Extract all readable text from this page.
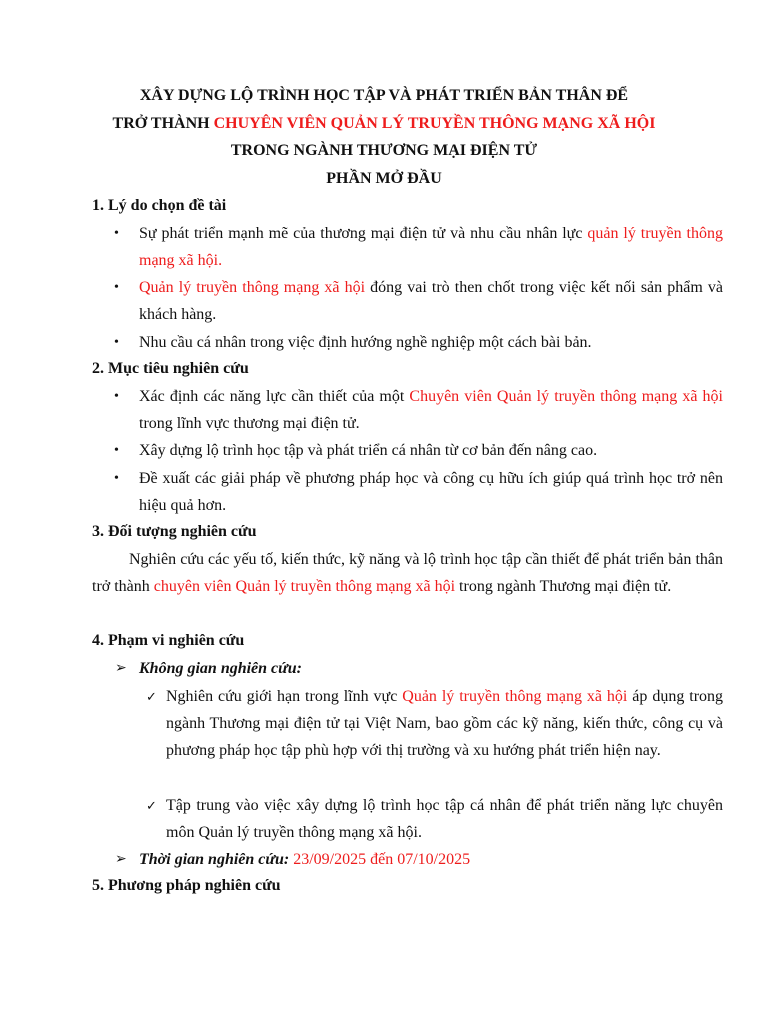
XÂY DỰNG LỘ TRÌNH HỌC TẬP VÀ PHÁT TRIỂN BẢN THÂN ĐỂ
TRỞ THÀNH CHUYÊN VIÊN QUẢN LÝ TRUYỀN THÔNG MẠNG XÃ HỘI
TRONG NGÀNH THƯƠNG MẠI ĐIỆN TỬ
PHẦN MỞ ĐẦU
1. Lý do chọn đề tài
• Sự phát triển mạnh mẽ của thương mại điện tử và nhu cầu nhân lực quản lý truyền thông mạng xã hội.
• Quản lý truyền thông mạng xã hội đóng vai trò then chốt trong việc kết nối sản phẩm và khách hàng.
• Nhu cầu cá nhân trong việc định hướng nghề nghiệp một cách bài bản.
2. Mục tiêu nghiên cứu
• Xác định các năng lực cần thiết của một Chuyên viên Quản lý truyền thông mạng xã hội trong lĩnh vực thương mại điện tử.
• Xây dựng lộ trình học tập và phát triển cá nhân từ cơ bản đến nâng cao.
• Đề xuất các giải pháp về phương pháp học và công cụ hữu ích giúp quá trình học trở nên hiệu quả hơn.
3. Đối tượng nghiên cứu
Nghiên cứu các yếu tố, kiến thức, kỹ năng và lộ trình học tập cần thiết để phát triển bản thân trở thành chuyên viên Quản lý truyền thông mạng xã hội trong ngành Thương mại điện tử.
4. Phạm vi nghiên cứu
➢ Không gian nghiên cứu:
✓ Nghiên cứu giới hạn trong lĩnh vực Quản lý truyền thông mạng xã hội áp dụng trong ngành Thương mại điện tử tại Việt Nam, bao gồm các kỹ năng, kiến thức, công cụ và phương pháp học tập phù hợp với thị trường và xu hướng phát triển hiện nay.
✓ Tập trung vào việc xây dựng lộ trình học tập cá nhân để phát triển năng lực chuyên môn Quản lý truyền thông mạng xã hội.
➢ Thời gian nghiên cứu: 23/09/2025 đến 07/10/2025
5. Phương pháp nghiên cứu
